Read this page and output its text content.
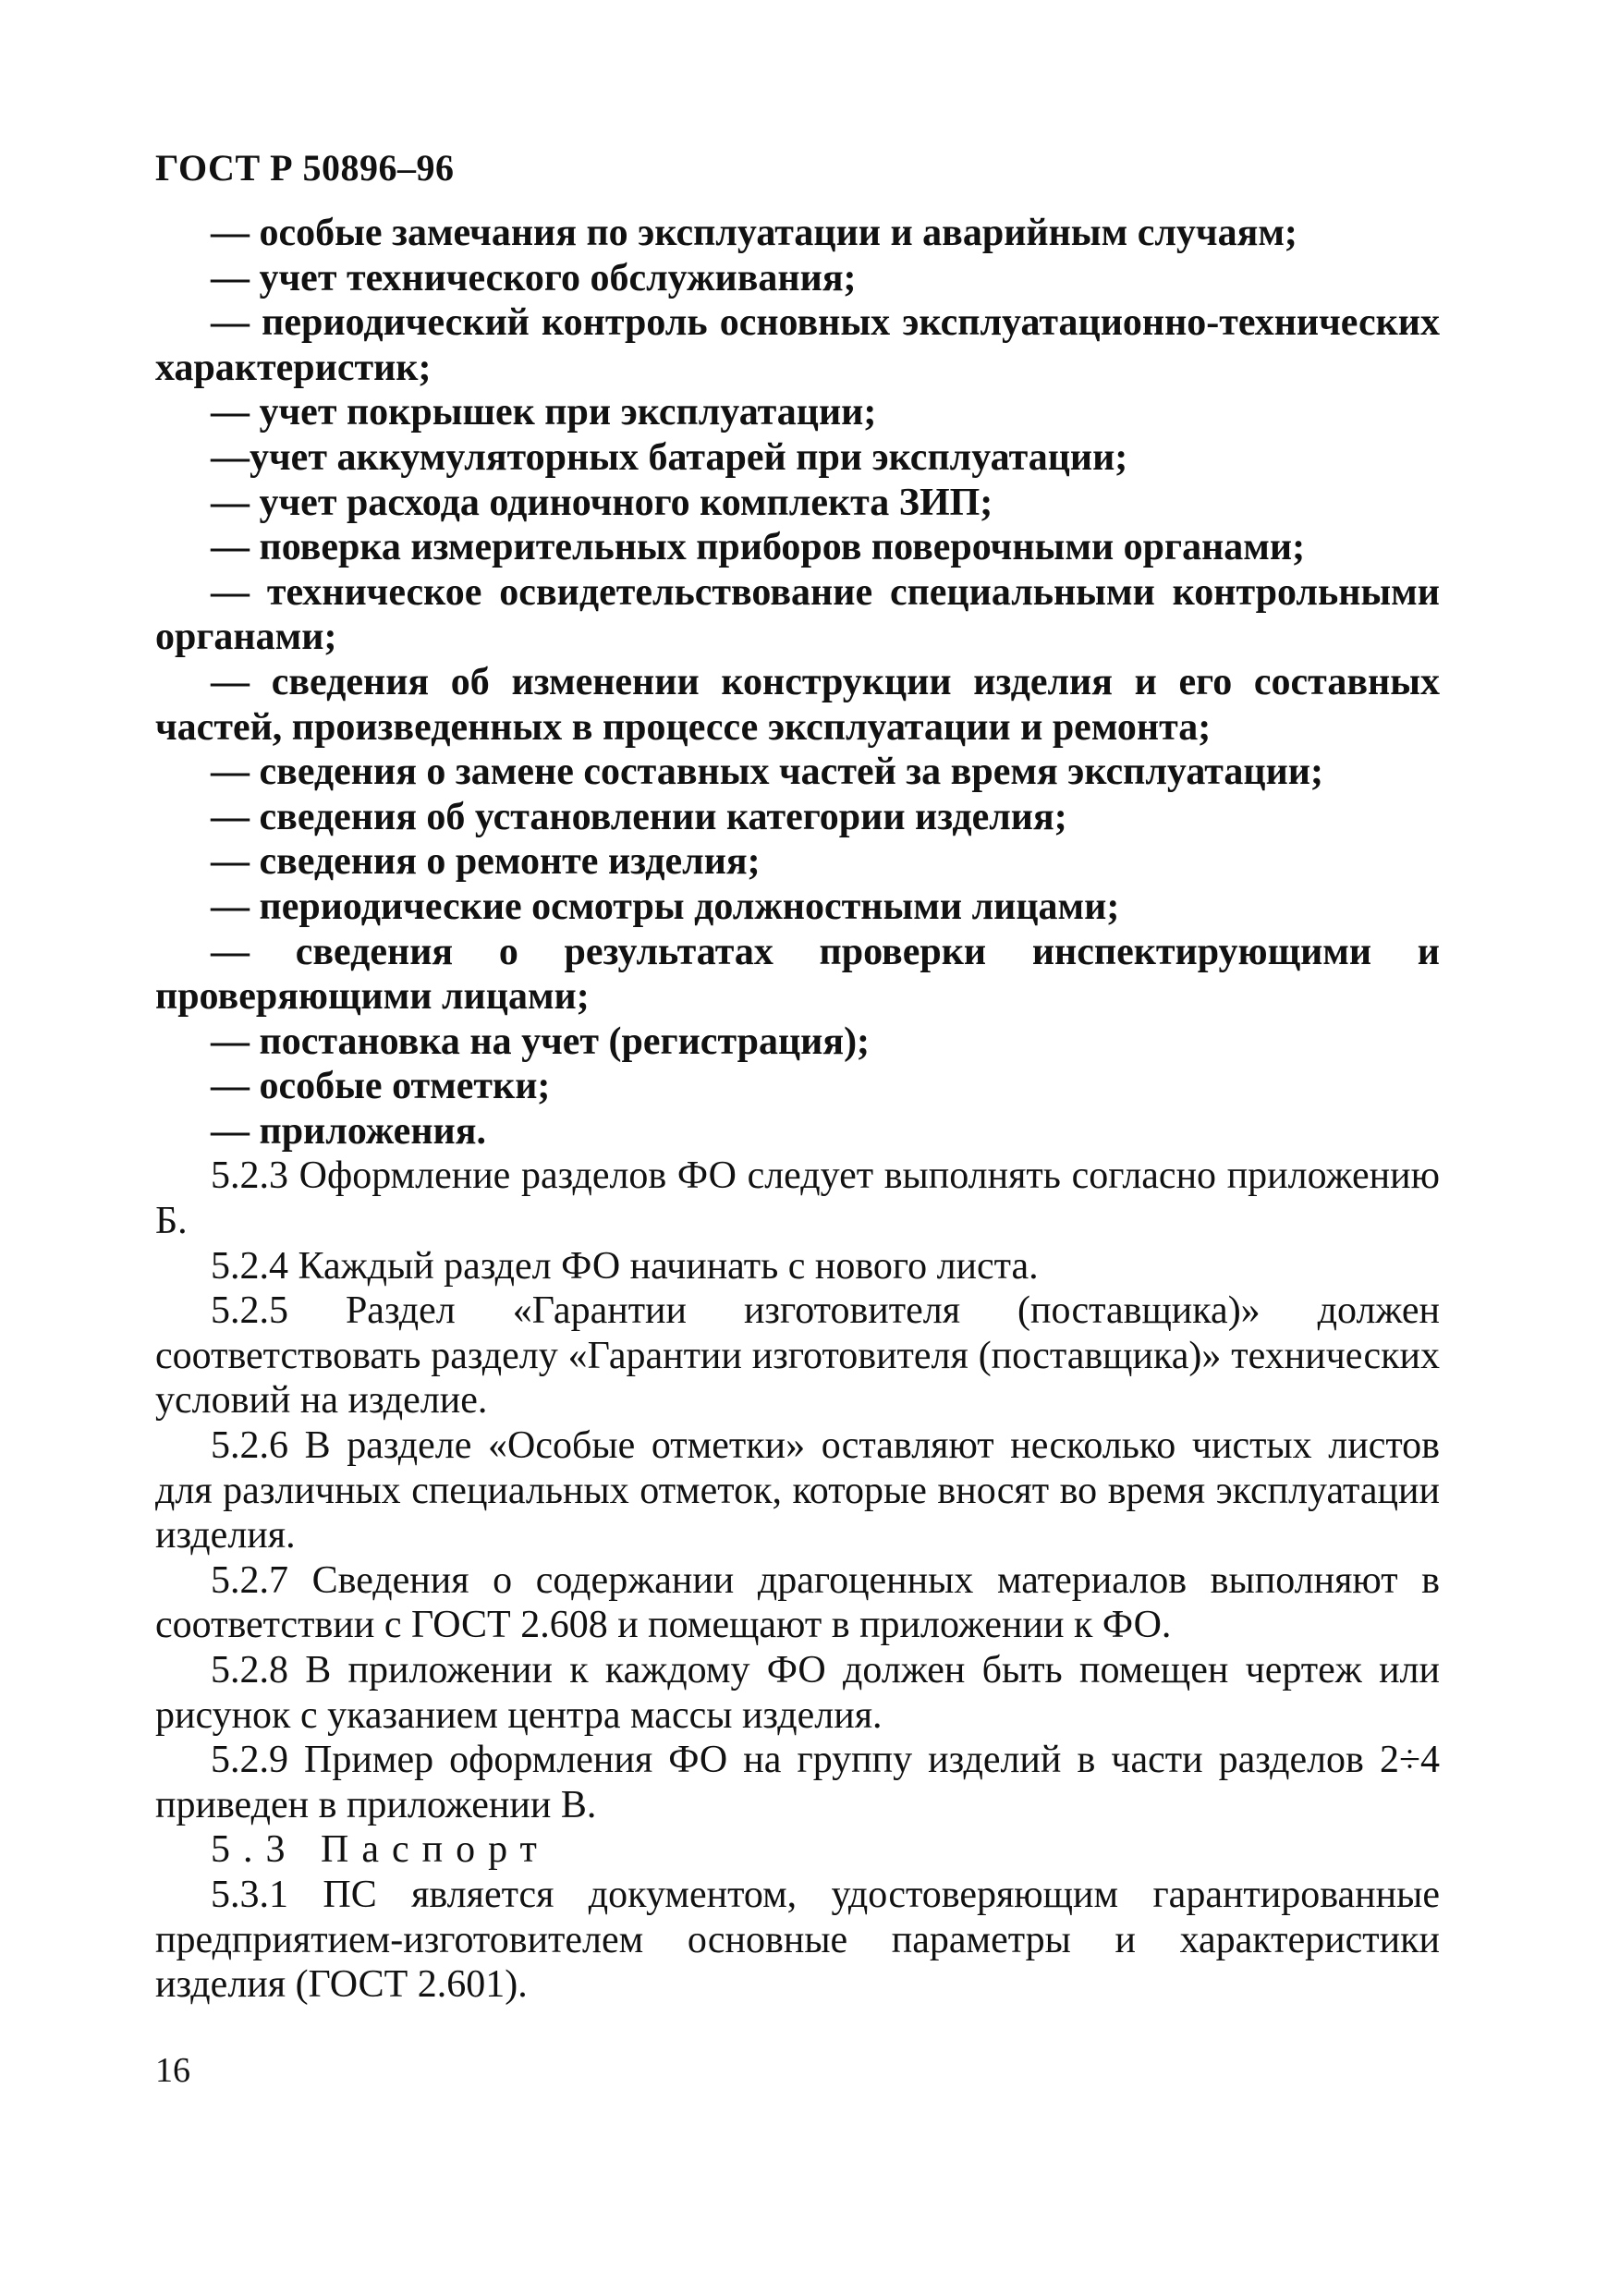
ГОСТ Р 50896–96

— особые замечания по эксплуатации и аварийным случаям;

— учет технического обслуживания;

— периодический контроль основных эксплуатационно-технических характеристик;

— учет покрышек при эксплуатации;

—учет аккумуляторных батарей при эксплуатации;

— учет расхода одиночного комплекта ЗИП;

— поверка измерительных приборов поверочными органами;

— техническое освидетельствование специальными контрольными органами;

— сведения об изменении конструкции изделия и его составных частей, произведенных в процессе эксплуатации и ремонта;

— сведения о замене составных частей за время эксплуатации;

— сведения об установлении категории изделия;

— сведения о ремонте изделия;

— периодические осмотры должностными лицами;

— сведения о результатах проверки инспектирующими и проверяющими лицами;

— постановка на учет (регистрация);

— особые отметки;

— приложения.

5.2.3 Оформление разделов ФО следует выполнять согласно приложению Б.

5.2.4 Каждый раздел ФО начинать с нового листа.

5.2.5 Раздел «Гарантии изготовителя (поставщика)» должен соответствовать разделу «Гарантии изготовителя (поставщика)» технических условий на изделие.

5.2.6 В разделе «Особые отметки» оставляют несколько чистых листов для различных специальных отметок, которые вносят во время эксплуатации изделия.

5.2.7 Сведения о содержании драгоценных материалов выполняют в соответствии с ГОСТ 2.608 и помещают в приложении к ФО.

5.2.8 В приложении к каждому ФО должен быть помещен чертеж или рисунок с указанием центра массы изделия.

5.2.9 Пример оформления ФО на группу изделий в части разделов 2÷4 приведен в приложении В.

5.3 Паспорт

5.3.1 ПС является документом, удостоверяющим гарантированные предприятием-изготовителем основные параметры и характеристики изделия (ГОСТ 2.601).

16
